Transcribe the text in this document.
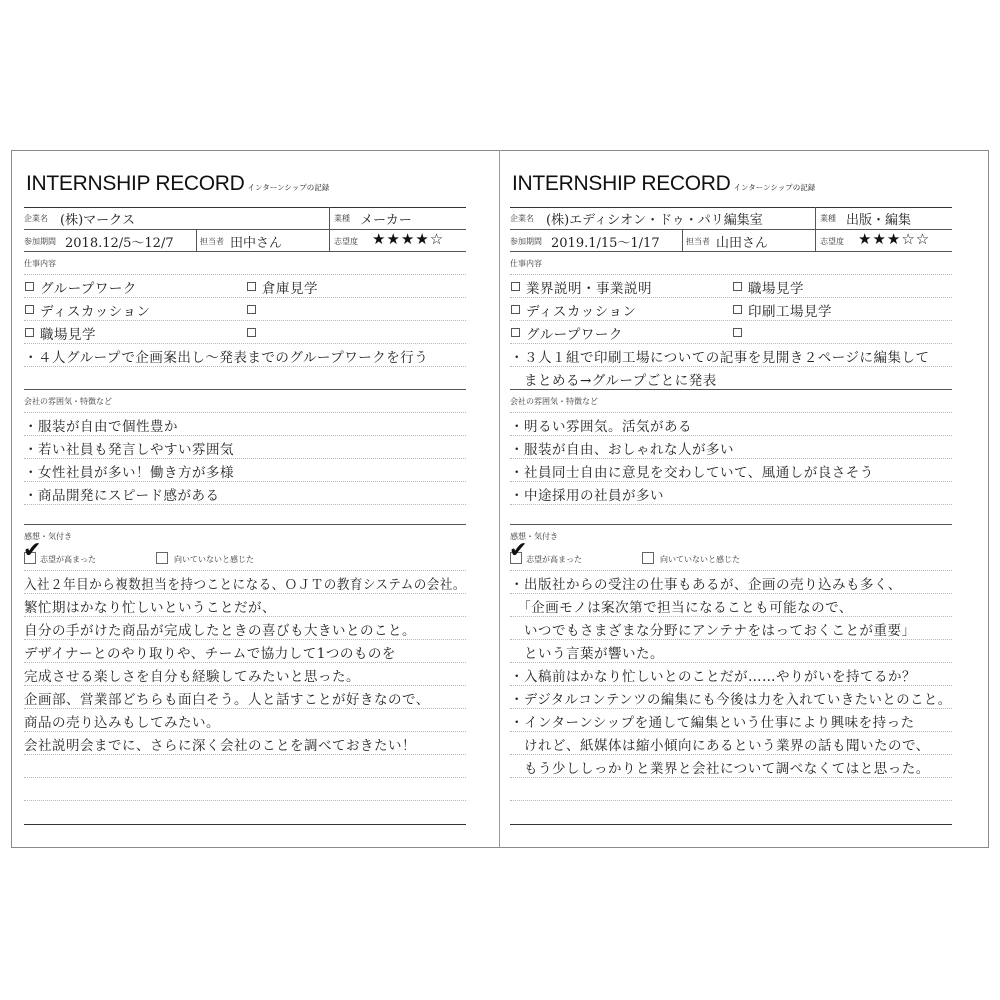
INTERNSHIP RECORD インターンシップの記録
企業名 (株)マークス	業種 メーカー
参加期間 2018.12/5～12/7	担当者 田中さん	志望度 ★★★★☆
仕事内容
グループワーク	倉庫見学
ディスカッション
職場見学
・４人グループで企画案出し～発表までのグループワークを行う
会社の雰囲気・特徴など
・服装が自由で個性豊か
・若い社員も発言しやすい雰囲気
・女性社員が多い！働き方が多様
・商品開発にスピード感がある
感想・気付き
✔
志望が高まった	向いていないと感じた
入社２年目から複数担当を持つことになる、ＯＪＴの教育システムの会社。
繁忙期はかなり忙しいということだが、
自分の手がけた商品が完成したときの喜びも大きいとのこと。
デザイナーとのやり取りや、チームで協力して1つのものを
完成させる楽しさを自分も経験してみたいと思った。
企画部、営業部どちらも面白そう。人と話すことが好きなので、
商品の売り込みもしてみたい。
会社説明会までに、さらに深く会社のことを調べておきたい！
INTERNSHIP RECORD インターンシップの記録
企業名 (株)エディシオン・ドゥ・パリ編集室	業種 出版・編集
参加期間 2019.1/15～1/17	担当者 山田さん	志望度 ★★★☆☆
仕事内容
業界説明・事業説明	職場見学
ディスカッション	印刷工場見学
グループワーク
・３人１組で印刷工場についての記事を見開き２ページに編集して
　まとめる→グループごとに発表
会社の雰囲気・特徴など
・明るい雰囲気。活気がある
・服装が自由、おしゃれな人が多い
・社員同士自由に意見を交わしていて、風通しが良さそう
・中途採用の社員が多い
感想・気付き
✔
志望が高まった	向いていないと感じた
・出版社からの受注の仕事もあるが、企画の売り込みも多く、
　「企画モノは案次第で担当になることも可能なので、
　いつでもさまざまな分野にアンテナをはっておくことが重要」
　という言葉が響いた。
・入稿前はかなり忙しいとのことだが……やりがいを持てるか？
・デジタルコンテンツの編集にも今後は力を入れていきたいとのこと。
・インターンシップを通して編集という仕事により興味を持った
　けれど、紙媒体は縮小傾向にあるという業界の話も聞いたので、
　もう少ししっかりと業界と会社について調べなくてはと思った。
